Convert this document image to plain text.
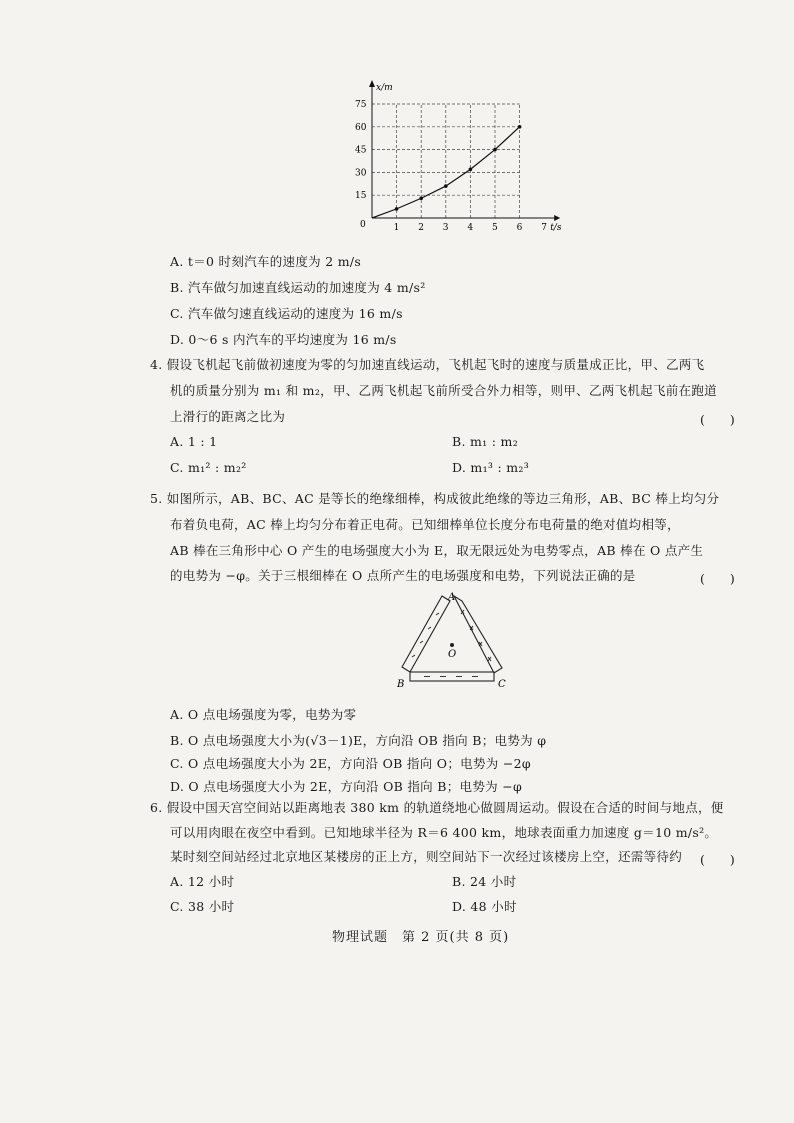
1 2 3 4 5 6 7
15
30
45
60
75
0
x/m
t/s
A. t＝0 时刻汽车的速度为 2 m/s
B. 汽车做匀加速直线运动的加速度为 4 m/s²
C. 汽车做匀速直线运动的速度为 16 m/s
D. 0～6 s 内汽车的平均速度为 16 m/s
4. 假设飞机起飞前做初速度为零的匀加速直线运动，飞机起飞时的速度与质量成正比，甲、乙两飞
机的质量分别为 m₁ 和 m₂，甲、乙两飞机起飞前所受合外力相等，则甲、乙两飞机起飞前在跑道
上滑行的距离之比为	(　　)
A. 1 : 1	B. m₁ : m₂
C. m₁² : m₂²	D. m₁³ : m₂³
5. 如图所示，AB、BC、AC 是等长的绝缘细棒，构成彼此绝缘的等边三角形，AB、BC 棒上均匀分
布着负电荷，AC 棒上均匀分布着正电荷。已知细棒单位长度分布电荷量的绝对值均相等，
AB 棒在三角形中心 O 产生的电场强度大小为 E，取无限远处为电势零点，AB 棒在 O 点产生
的电势为 −φ。关于三根细棒在 O 点所产生的电场强度和电势，下列说法正确的是	(　　)
A
B	C
O
A. O 点电场强度为零，电势为零
B. O 点电场强度大小为(√3－1)E，方向沿 OB 指向 B；电势为 φ
C. O 点电场强度大小为 2E，方向沿 OB 指向 O；电势为 −2φ
D. O 点电场强度大小为 2E，方向沿 OB 指向 B；电势为 −φ
6. 假设中国天宫空间站以距离地表 380 km 的轨道绕地心做圆周运动。假设在合适的时间与地点，便
可以用肉眼在夜空中看到。已知地球半径为 R＝6 400 km，地球表面重力加速度 g＝10 m/s²。
某时刻空间站经过北京地区某楼房的正上方，则空间站下一次经过该楼房上空，还需等待约 (　　)
A. 12 小时	B. 24 小时
C. 38 小时	D. 48 小时
物理试题　第 2 页(共 8 页)
